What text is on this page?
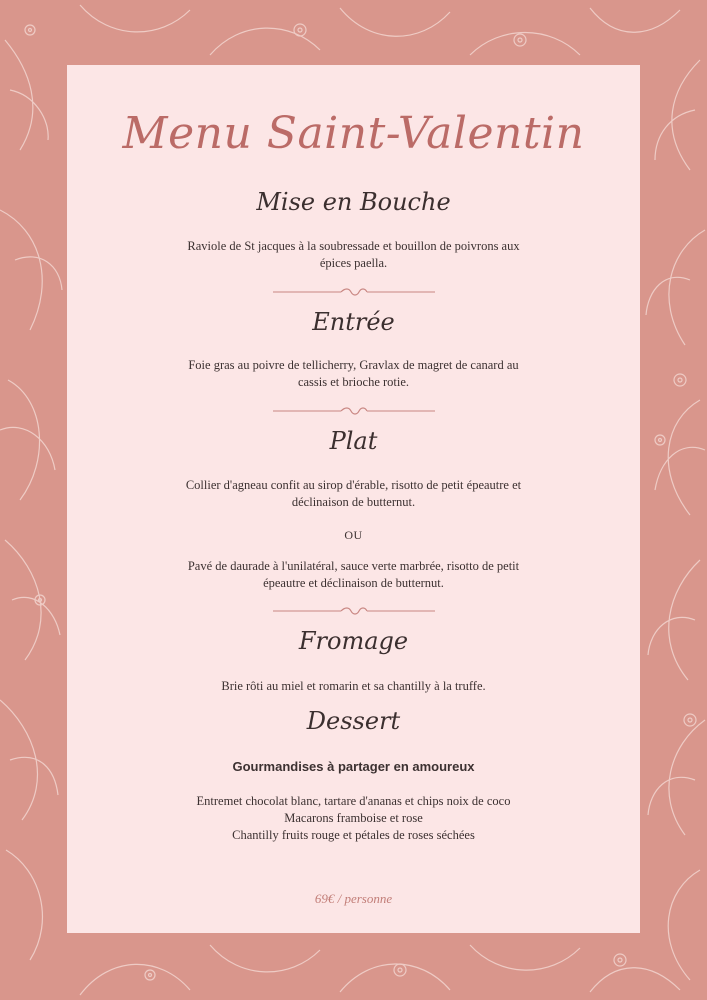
Menu Saint-Valentin
Mise en Bouche
Raviole de St jacques à la soubressade et bouillon de poivrons aux
épices paella.
Entrée
Foie gras au poivre de tellicherry, Gravlax de magret de canard au
cassis et brioche rotie.
Plat
Collier d'agneau confit au sirop d'érable, risotto de petit épeautre et
déclinaison de butternut.
OU
Pavé de daurade à l'unilatéral, sauce verte marbrée, risotto de petit
épeautre et déclinaison de butternut.
Fromage
Brie rôti au miel et romarin et sa chantilly à la truffe.
Dessert
Gourmandises à partager en amoureux
Entremet chocolat blanc, tartare d'ananas et chips noix de coco
Macarons framboise et rose
Chantilly fruits rouge et pétales de roses séchées
69€ / personne
